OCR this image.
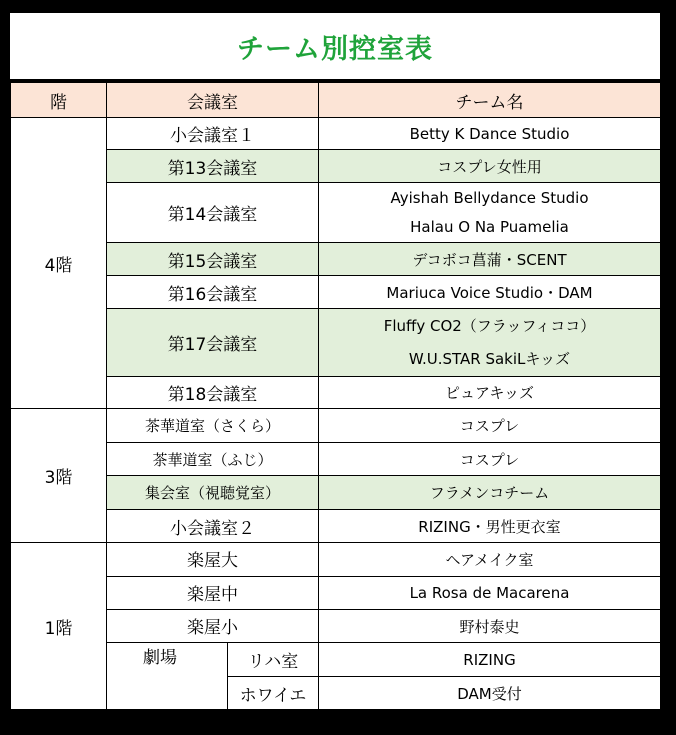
チーム別控室表
階	会議室		チーム名
4階	小会議室１		Betty K Dance Studio
	第13会議室		コスプレ女性用
	第14会議室		Ayishah Bellydance Studio
Halau O Na Puamelia

	第15会議室		デコボコ菖蒲・SCENT
	第16会議室		Mariuca Voice Studio・DAM
	第17会議室		Fluffy CO2（フラッフィココ）
W.U.STAR SakiLキッズ

	第18会議室		ピュアキッズ
3階	茶華道室（さくら）		コスプレ
	茶華道室（ふじ）		コスプレ
	集会室（視聴覚室）		フラメンコチーム
	小会議室２		RIZING・男性更衣室
1階	楽屋大		ヘアメイク室
	楽屋中		La Rosa de Macarena
	楽屋小		野村泰史
	劇場	リハ室	RIZING
		ホワイエ	DAM受付
